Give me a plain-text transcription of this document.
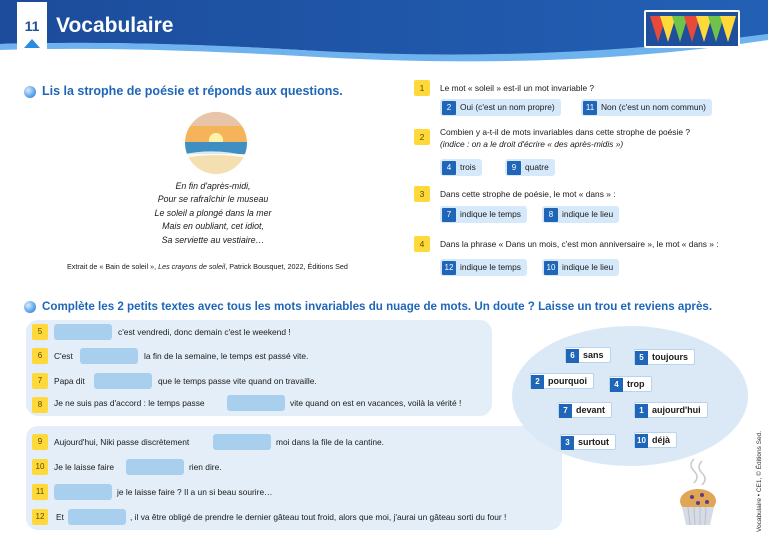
11 Vocabulaire
Lis la strophe de poésie et réponds aux questions.
En fin d'après-midi,
Pour se rafraîchir le museau
Le soleil a plongé dans la mer
Mais en oubliant, cet idiot,
Sa serviette au vestiaire…
Extrait de « Bain de soleil », Les crayons de soleil, Patrick Bousquet, 2022, Éditions Sed
1	Le mot « soleil » est-il un mot invariable ?
2 Oui (c'est un nom propre)	11 Non (c'est un nom commun)
2	Combien y a-t-il de mots invariables dans cette strophe de poésie ?
(indice : on a le droit d'écrire « des après-midis »)
4 trois	9 quatre
3	Dans cette strophe de poésie, le mot « dans » :
7 indique le temps	8 indique le lieu
4	Dans la phrase « Dans un mois, c'est mon anniversaire », le mot « dans » :
12 indique le temps	10 indique le lieu
Complète les 2 petits textes avec tous les mots invariables du nuage de mots. Un doute ? Laisse un trou et reviens après.
5	c'est vendredi, donc demain c'est le weekend !
6	C'est	la fin de la semaine, le temps est passé vite.
7	Papa dit	que le temps passe vite quand on travaille.
8	Je ne suis pas d'accord : le temps passe	vite quand on est en vacances, voilà la vérité !
9	Aujourd'hui, Niki passe discrètement	moi dans la file de la cantine.
10	Je le laisse faire	rien dire.
11	je le laisse faire ? Il a un si beau sourire…
12	Et	, il va être obligé de prendre le dernier gâteau tout froid, alors que moi, j'aurai un gâteau sorti du four !
6 sans	5 toujours
2 pourquoi	4 trop
7 devant	1 aujourd'hui
3 surtout	10 déjà	Vocabulaire • CE1, © Éditions Sed.
